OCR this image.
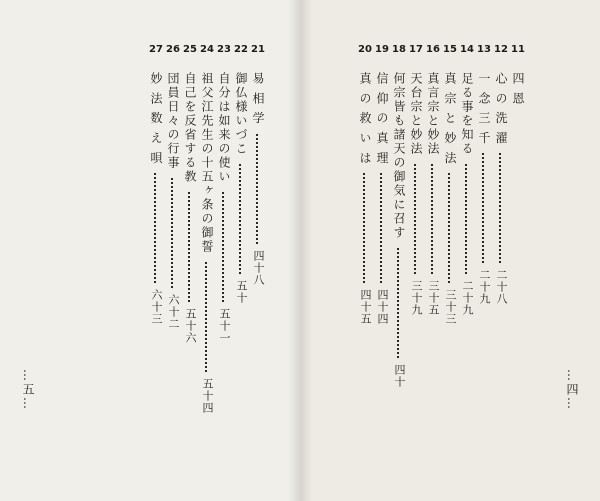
27
妙 法 数 え 唄
六十三
26
団員日々の行事
六十二
25
自己を反省する教
五十六
24
祖父江先生の十五ヶ条の御誓
五十四
23
自分は如来の使い
五十一
22
御仏様いづこ
五十
21
易 相 学
四十八
20
真 の 救 い は
四十五
19
信 仰 の 真 理
四十四
18
何宗皆も諸天の御気に召す
四十
17
天台宗と妙法
三十九
16
真言宗と妙法
三十五
15
真 宗 と 妙 法
三十三
14
足る事を知る
二十九
13
一 念 三 千
二十九
12
心 の 洗 濯
二十八
11
四 恩
…五…	…四…
